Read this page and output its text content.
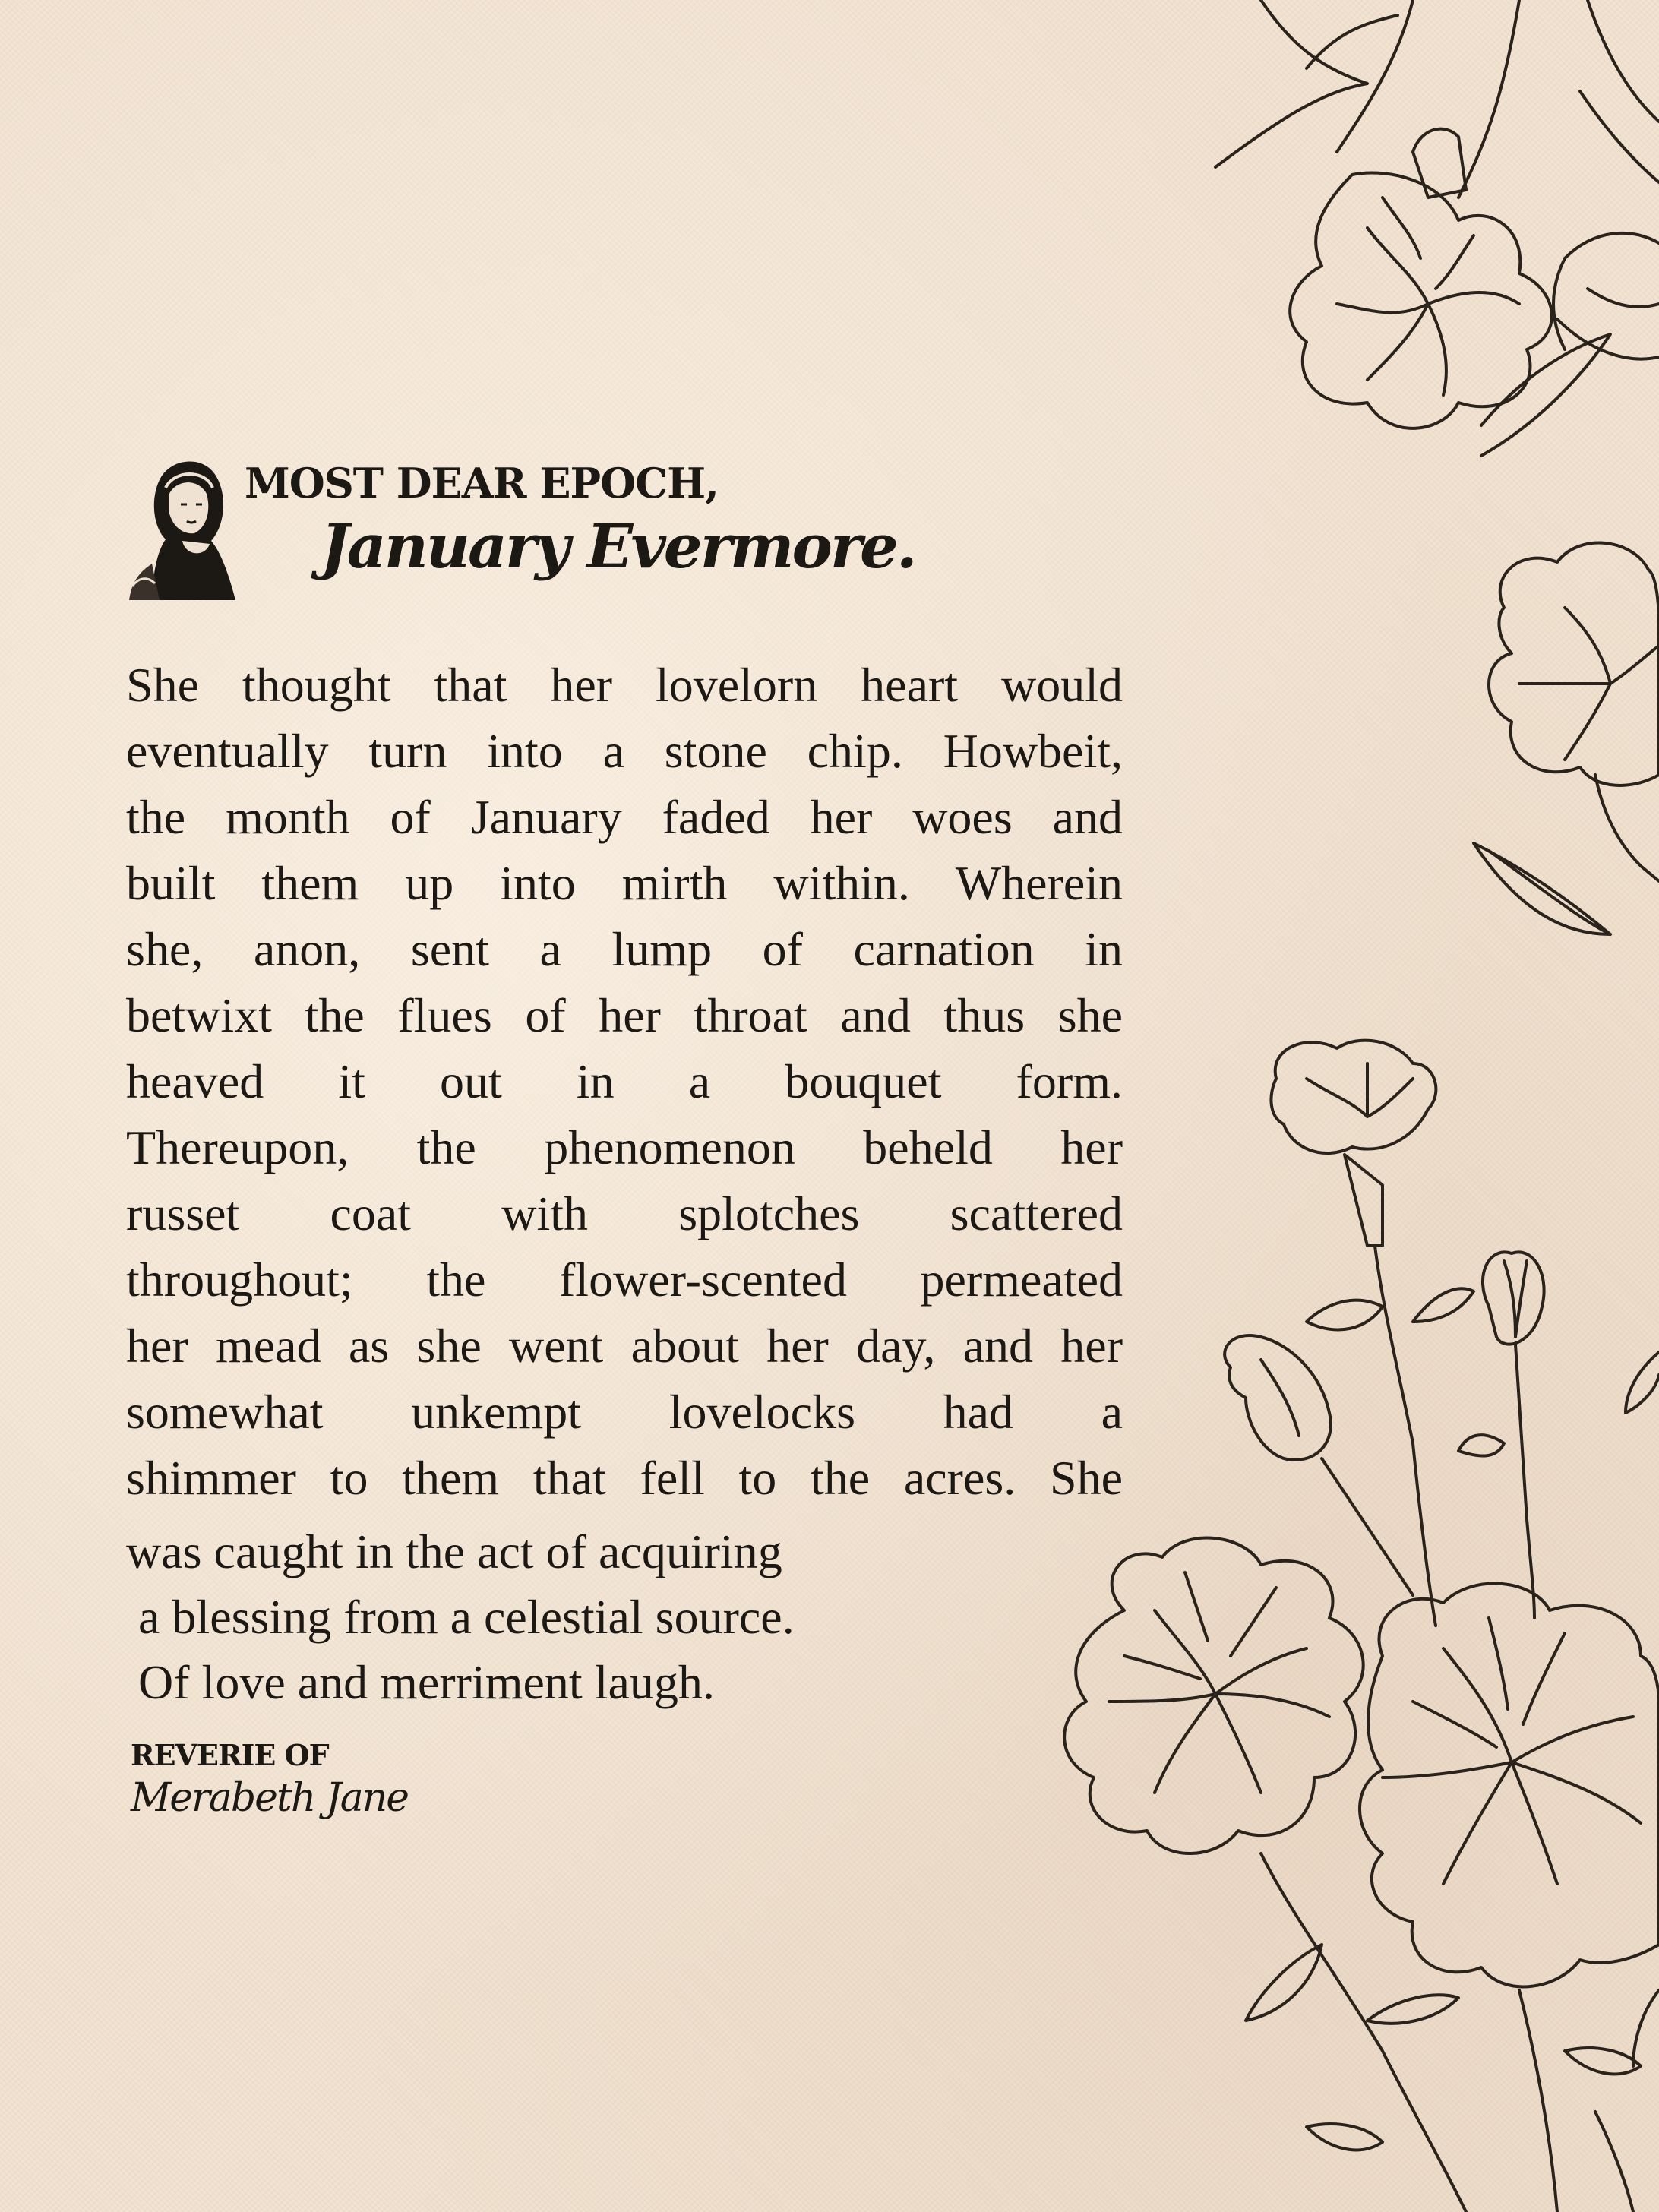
MOST DEAR EPOCH,
January Evermore.
She thought that her lovelorn heart would
eventually turn into a stone chip. Howbeit,
the month of January faded her woes and
built them up into mirth within. Wherein
she, anon, sent a lump of carnation in
betwixt the flues of her throat and thus she
heaved it out in a bouquet form.
Thereupon, the phenomenon beheld her
russet coat with splotches scattered
throughout; the flower-scented permeated
her mead as she went about her day, and her
somewhat unkempt lovelocks had a
shimmer to them that fell to the acres. She
was caught in the act of acquiring
a blessing from a celestial source.
Of love and merriment laugh.
REVERIE OF
Merabeth Jane
